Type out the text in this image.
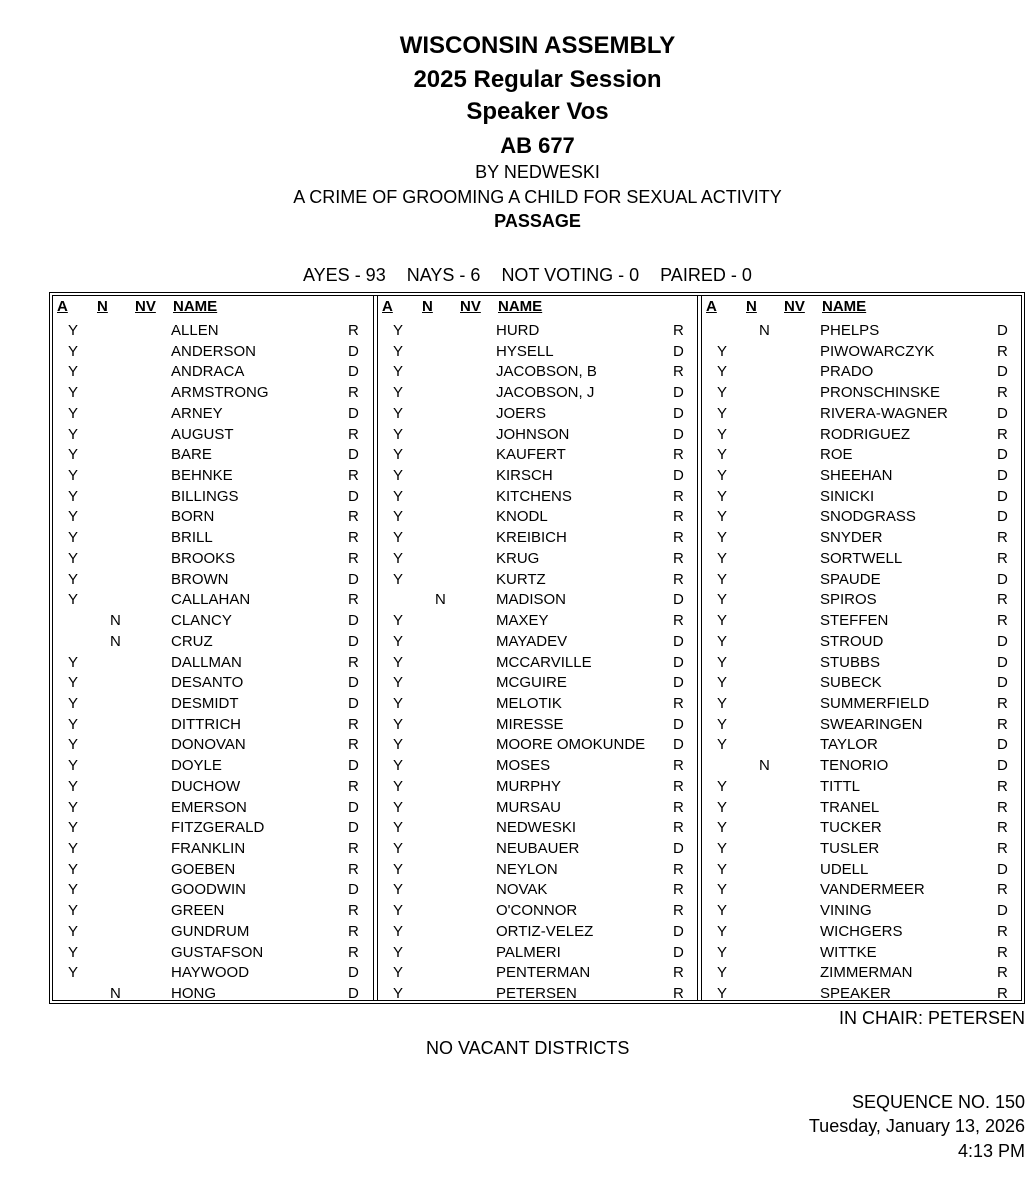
WISCONSIN ASSEMBLY
2025 Regular Session
Speaker Vos
AB 677
BY NEDWESKI
A CRIME OF GROOMING A CHILD FOR SEXUAL ACTIVITY
PASSAGE
AYES - 93 NAYS - 6 NOT VOTING - 0 PAIRED - 0
A N NV NAME
Y	ALLEN	R
Y	ANDERSON	D
Y	ANDRACA	D
Y	ARMSTRONG	R
Y	ARNEY	D
Y	AUGUST	R
Y	BARE	D
Y	BEHNKE	R
Y	BILLINGS	D
Y	BORN	R
Y	BRILL	R
Y	BROOKS	R
Y	BROWN	D
Y	CALLAHAN	R
N	CLANCY	D
N	CRUZ	D
Y	DALLMAN	R
Y	DESANTO	D
Y	DESMIDT	D
Y	DITTRICH	R
Y	DONOVAN	R
Y	DOYLE	D
Y	DUCHOW	R
Y	EMERSON	D
Y	FITZGERALD	D
Y	FRANKLIN	R
Y	GOEBEN	R
Y	GOODWIN	D
Y	GREEN	R
Y	GUNDRUM	R
Y	GUSTAFSON	R
Y	HAYWOOD	D
N	HONG	D
A N NV NAME
Y	HURD	R
Y	HYSELL	D
Y	JACOBSON, B	R
Y	JACOBSON, J	D
Y	JOERS	D
Y	JOHNSON	D
Y	KAUFERT	R
Y	KIRSCH	D
Y	KITCHENS	R
Y	KNODL	R
Y	KREIBICH	R
Y	KRUG	R
Y	KURTZ	R
N	MADISON	D
Y	MAXEY	R
Y	MAYADEV	D
Y	MCCARVILLE	D
Y	MCGUIRE	D
Y	MELOTIK	R
Y	MIRESSE	D
Y	MOORE OMOKUNDE D
Y	MOSES	R
Y	MURPHY	R
Y	MURSAU	R
Y	NEDWESKI	R
Y	NEUBAUER	D
Y	NEYLON	R
Y	NOVAK	R
Y	O'CONNOR	R
Y	ORTIZ-VELEZ	D
Y	PALMERI	D
Y	PENTERMAN	R
Y	PETERSEN	R
A N NV NAME
N	PHELPS	D
Y	PIWOWARCZYK	R
Y	PRADO	D
Y	PRONSCHINSKE	R
Y	RIVERA-WAGNER	D
Y	RODRIGUEZ	R
Y	ROE	D
Y	SHEEHAN	D
Y	SINICKI	D
Y	SNODGRASS	D
Y	SNYDER	R
Y	SORTWELL	R
Y	SPAUDE	D
Y	SPIROS	R
Y	STEFFEN	R
Y	STROUD	D
Y	STUBBS	D
Y	SUBECK	D
Y	SUMMERFIELD	R
Y	SWEARINGEN	R
Y	TAYLOR	D
N	TENORIO	D
Y	TITTL	R
Y	TRANEL	R
Y	TUCKER	R
Y	TUSLER	R
Y	UDELL	D
Y	VANDERMEER	R
Y	VINING	D
Y	WICHGERS	R
Y	WITTKE	R
Y	ZIMMERMAN	R
Y	SPEAKER	R
IN CHAIR: PETERSEN
NO VACANT DISTRICTS
SEQUENCE NO. 150
Tuesday, January 13, 2026
4:13 PM
